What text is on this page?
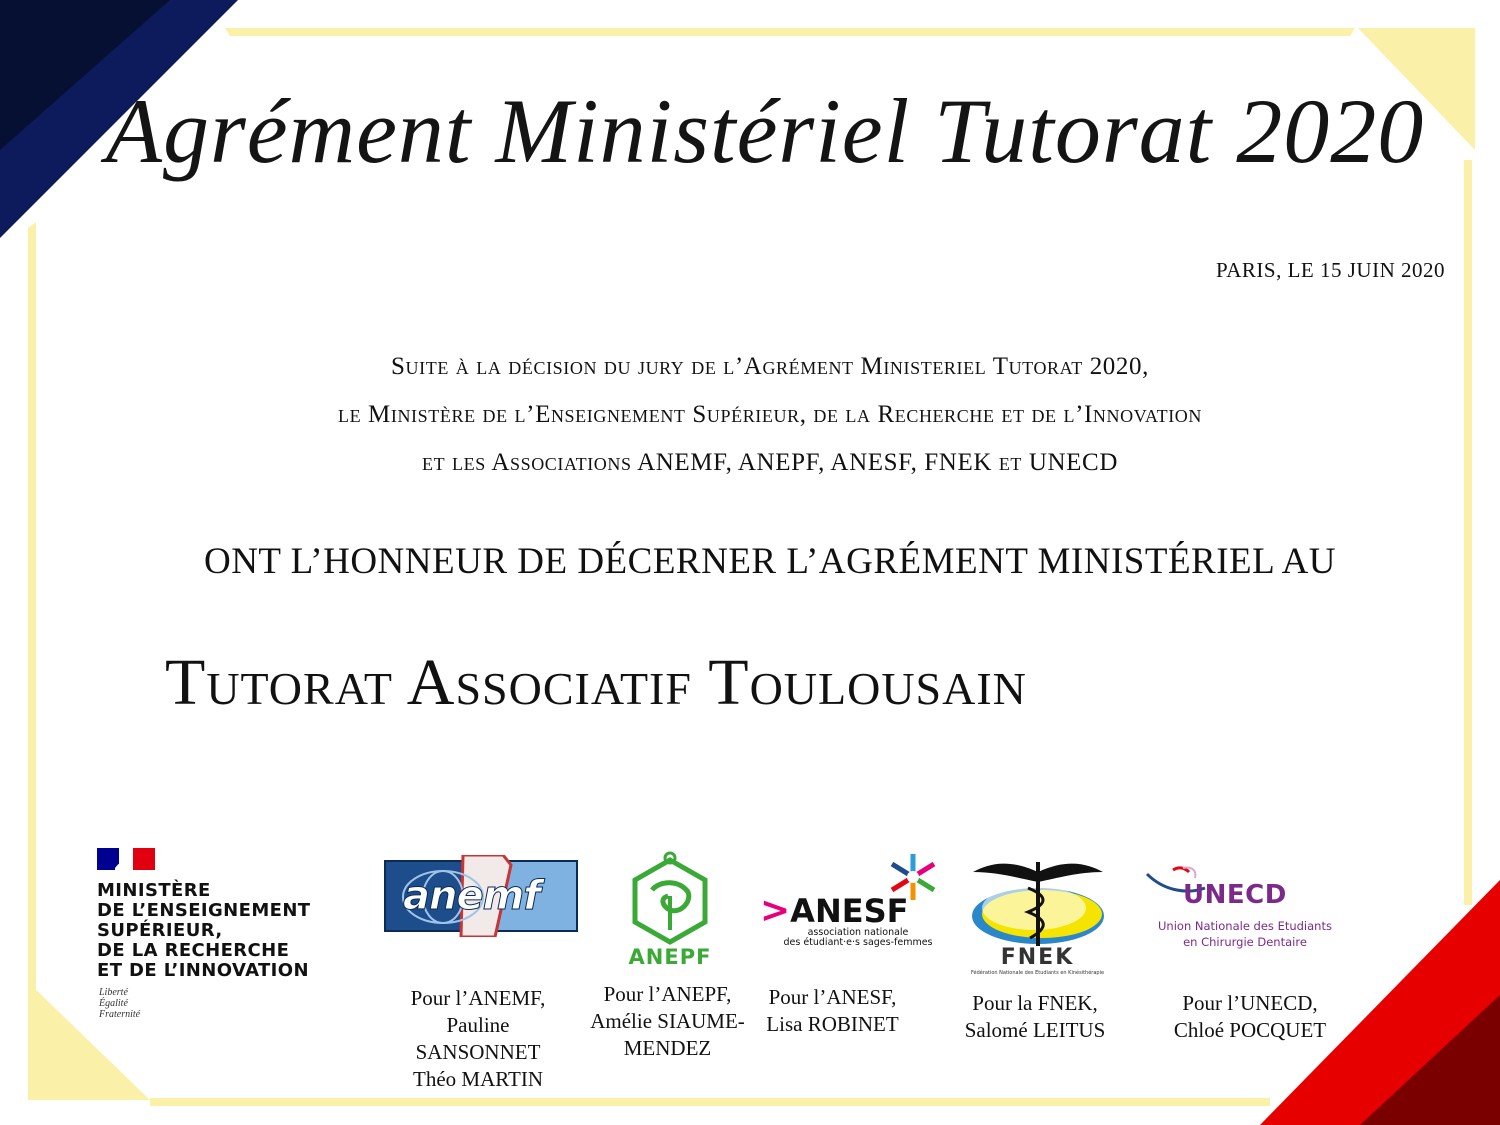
Agrément Ministériel Tutorat 2020
PARIS, LE 15 JUIN 2020
Suite à la décision du jury de l’Agrément Ministeriel Tutorat 2020,
le Ministère de l’Enseignement Supérieur, de la Recherche et de l’Innovation
et les Associations ANEMF, ANEPF, ANESF, FNEK et UNECD
ONT L’HONNEUR DE DÉCERNER L’AGRÉMENT MINISTÉRIEL AU
Tutorat Associatif Toulousain
MINISTÈRE
DE L’ENSEIGNEMENT
SUPÉRIEUR,
DE LA RECHERCHE
ET DE L’INNOVATION
Liberté
Égalité
Fraternité
anemf
ANEPF
>ANESF
association nationale
des étudiant·e·s sages-femmes
FNEK
Fédération Nationale des Etudiants en Kinésithérapie
UNECD
Union Nationale des Etudiants
en Chirurgie Dentaire
Pour l’ANEMF,
Pauline
SANSONNET
Théo MARTIN
Pour l’ANEPF,
Amélie SIAUME-
MENDEZ
Pour l’ANESF,
Lisa ROBINET
Pour la FNEK,
Salomé LEITUS
Pour l’UNECD,
Chloé POCQUET
